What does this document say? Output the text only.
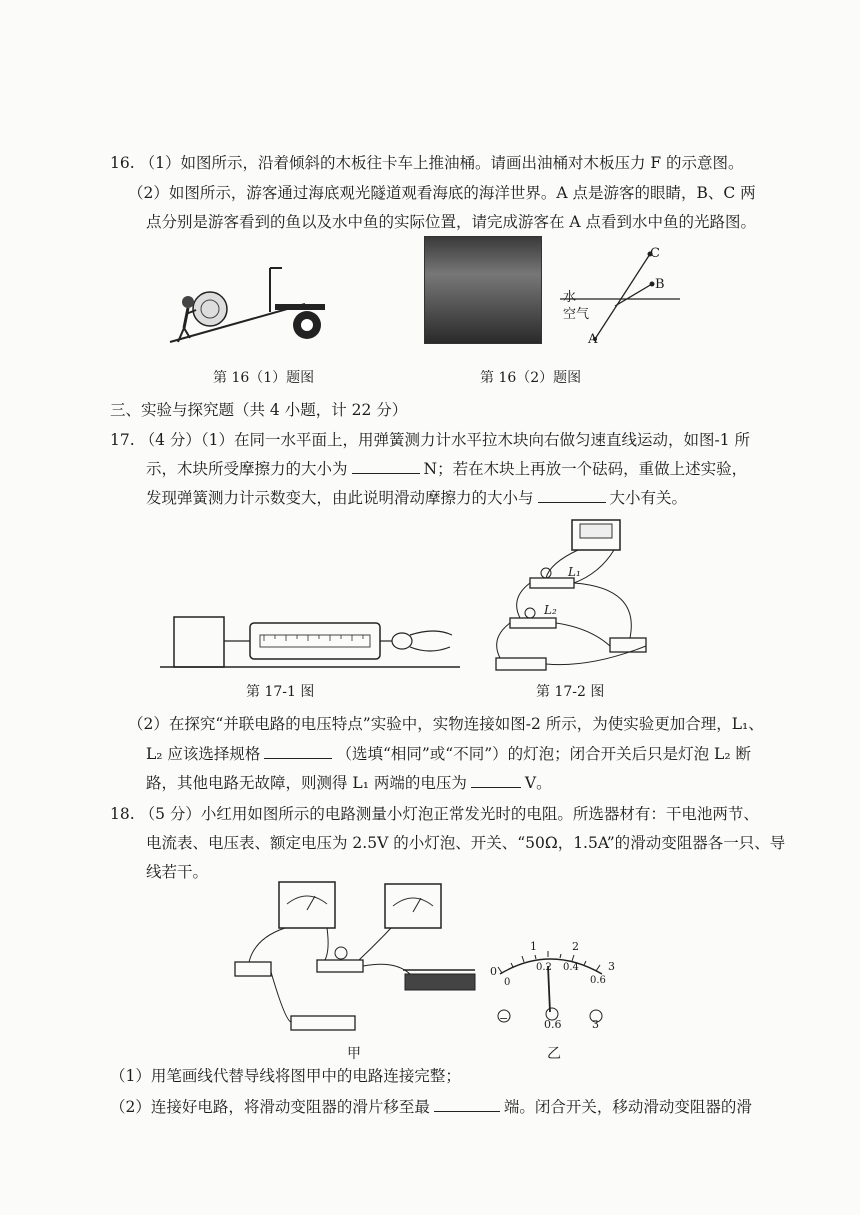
16. （1）如图所示，沿着倾斜的木板往卡车上推油桶。请画出油桶对木板压力 F 的示意图。
（2）如图所示，游客通过海底观光隧道观看海底的海洋世界。A 点是游客的眼睛，B、C 两
点分别是游客看到的鱼以及水中鱼的实际位置，请完成游客在 A 点看到水中鱼的光路图。
水
空气
A
B
C
第 16（1）题图	第 16（2）题图
三、实验与探究题（共 4 小题，计 22 分）
17. （4 分）（1）在同一水平面上，用弹簧测力计水平拉木块向右做匀速直线运动，如图-1 所
示，木块所受摩擦力的大小为	N；若在木块上再放一个砝码，重做上述实验，
发现弹簧测力计示数变大，由此说明滑动摩擦力的大小与	大小有关。
L₁
L₂
第 17-1 图	第 17-2 图
（2）在探究“并联电路的电压特点”实验中，实物连接如图-2 所示，为使实验更加合理，L₁、
L₂ 应该选择规格	（选填“相同”或“不同”）的灯泡；闭合开关后只是灯泡 L₂ 断
路，其他电路无故障，则测得 L₁ 两端的电压为	V。
18. （5 分）小红用如图所示的电路测量小灯泡正常发光时的电阻。所选器材有：干电池两节、
电流表、电压表、额定电压为 2.5V 的小灯泡、开关、“50Ω，1.5A”的滑动变阻器各一只、导
线若干。
0
1	2
3
0
0.2 0.4
0.6
−	0.6	3
甲	乙
（1）用笔画线代替导线将图甲中的电路连接完整；
（2）连接好电路，将滑动变阻器的滑片移至最	端。闭合开关，移动滑动变阻器的滑
